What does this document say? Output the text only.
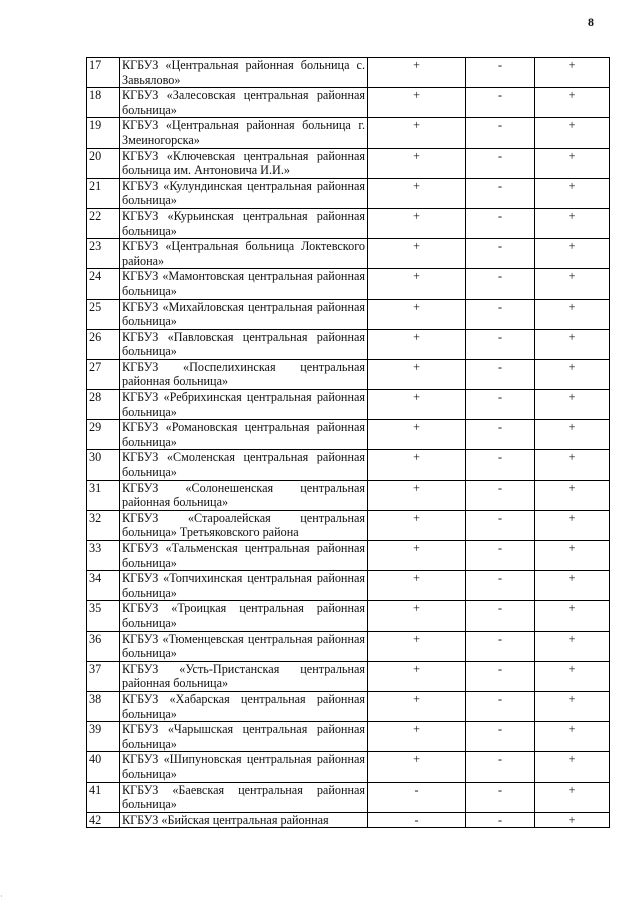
8
17	КГБУЗ «Центральная районная больница с. Завьялово»	+	-	+
18	КГБУЗ «Залесовская центральная районная больница»	+	-	+
19	КГБУЗ «Центральная районная больница г. Змеиногорска»	+	-	+
20	КГБУЗ «Ключевская центральная районная больница им. Антоновича И.И.»	+	-	+
21	КГБУЗ «Кулундинская центральная районная больница»	+	-	+
22	КГБУЗ «Курьинская центральная районная больница»	+	-	+
23	КГБУЗ «Центральная больница Локтевского района»	+	-	+
24	КГБУЗ «Мамонтовская центральная районная больница»	+	-	+
25	КГБУЗ «Михайловская центральная районная больница»	+	-	+
26	КГБУЗ «Павловская центральная районная больница»	+	-	+
27	КГБУЗ «Поспелихинская центральная районная больница»	+	-	+
28	КГБУЗ «Ребрихинская центральная районная больница»	+	-	+
29	КГБУЗ «Романовская центральная районная больница»	+	-	+
30	КГБУЗ «Смоленская центральная районная больница»	+	-	+
31	КГБУЗ «Солонешенская центральная районная больница»	+	-	+
32	КГБУЗ «Староалейская центральная больница» Третьяковского района	+	-	+
33	КГБУЗ «Тальменская центральная районная больница»	+	-	+
34	КГБУЗ «Топчихинская центральная районная больница»	+	-	+
35	КГБУЗ «Троицкая центральная районная больница»	+	-	+
36	КГБУЗ «Тюменцевская центральная районная больница»	+	-	+
37	КГБУЗ «Усть-Пристанская центральная районная больница»	+	-	+
38	КГБУЗ «Хабарская центральная районная больница»	+	-	+
39	КГБУЗ «Чарышская центральная районная больница»	+	-	+
40	КГБУЗ «Шипуновская центральная районная больница»	+	-	+
41	КГБУЗ «Баевская центральная районная больница»	-	-	+
42	КГБУЗ «Бийская центральная районная	-	-	+
·
